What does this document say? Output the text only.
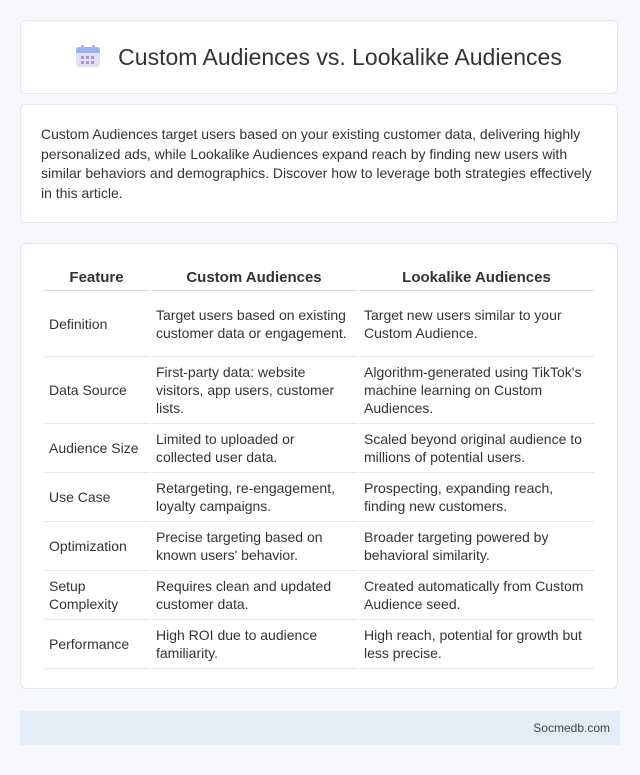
Custom Audiences vs. Lookalike Audiences

Custom Audiences target users based on your existing customer data, delivering highly personalized ads, while Lookalike Audiences expand reach by finding new users with similar behaviors and demographics. Discover how to leverage both strategies effectively in this article.

Feature	Custom Audiences	Lookalike Audiences
Definition	Target users based on existing customer data or engagement.	Target new users similar to your Custom Audience.
Data Source	First-party data: website visitors, app users, customer lists.	Algorithm-generated using TikTok's machine learning on Custom Audiences.
Audience Size	Limited to uploaded or collected user data.	Scaled beyond original audience to millions of potential users.
Use Case	Retargeting, re-engagement, loyalty campaigns.	Prospecting, expanding reach, finding new customers.
Optimization	Precise targeting based on known users' behavior.	Broader targeting powered by behavioral similarity.
Setup Complexity	Requires clean and updated customer data.	Created automatically from Custom Audience seed.
Performance	High ROI due to audience familiarity.	High reach, potential for growth but less precise.
Socmedb.com
